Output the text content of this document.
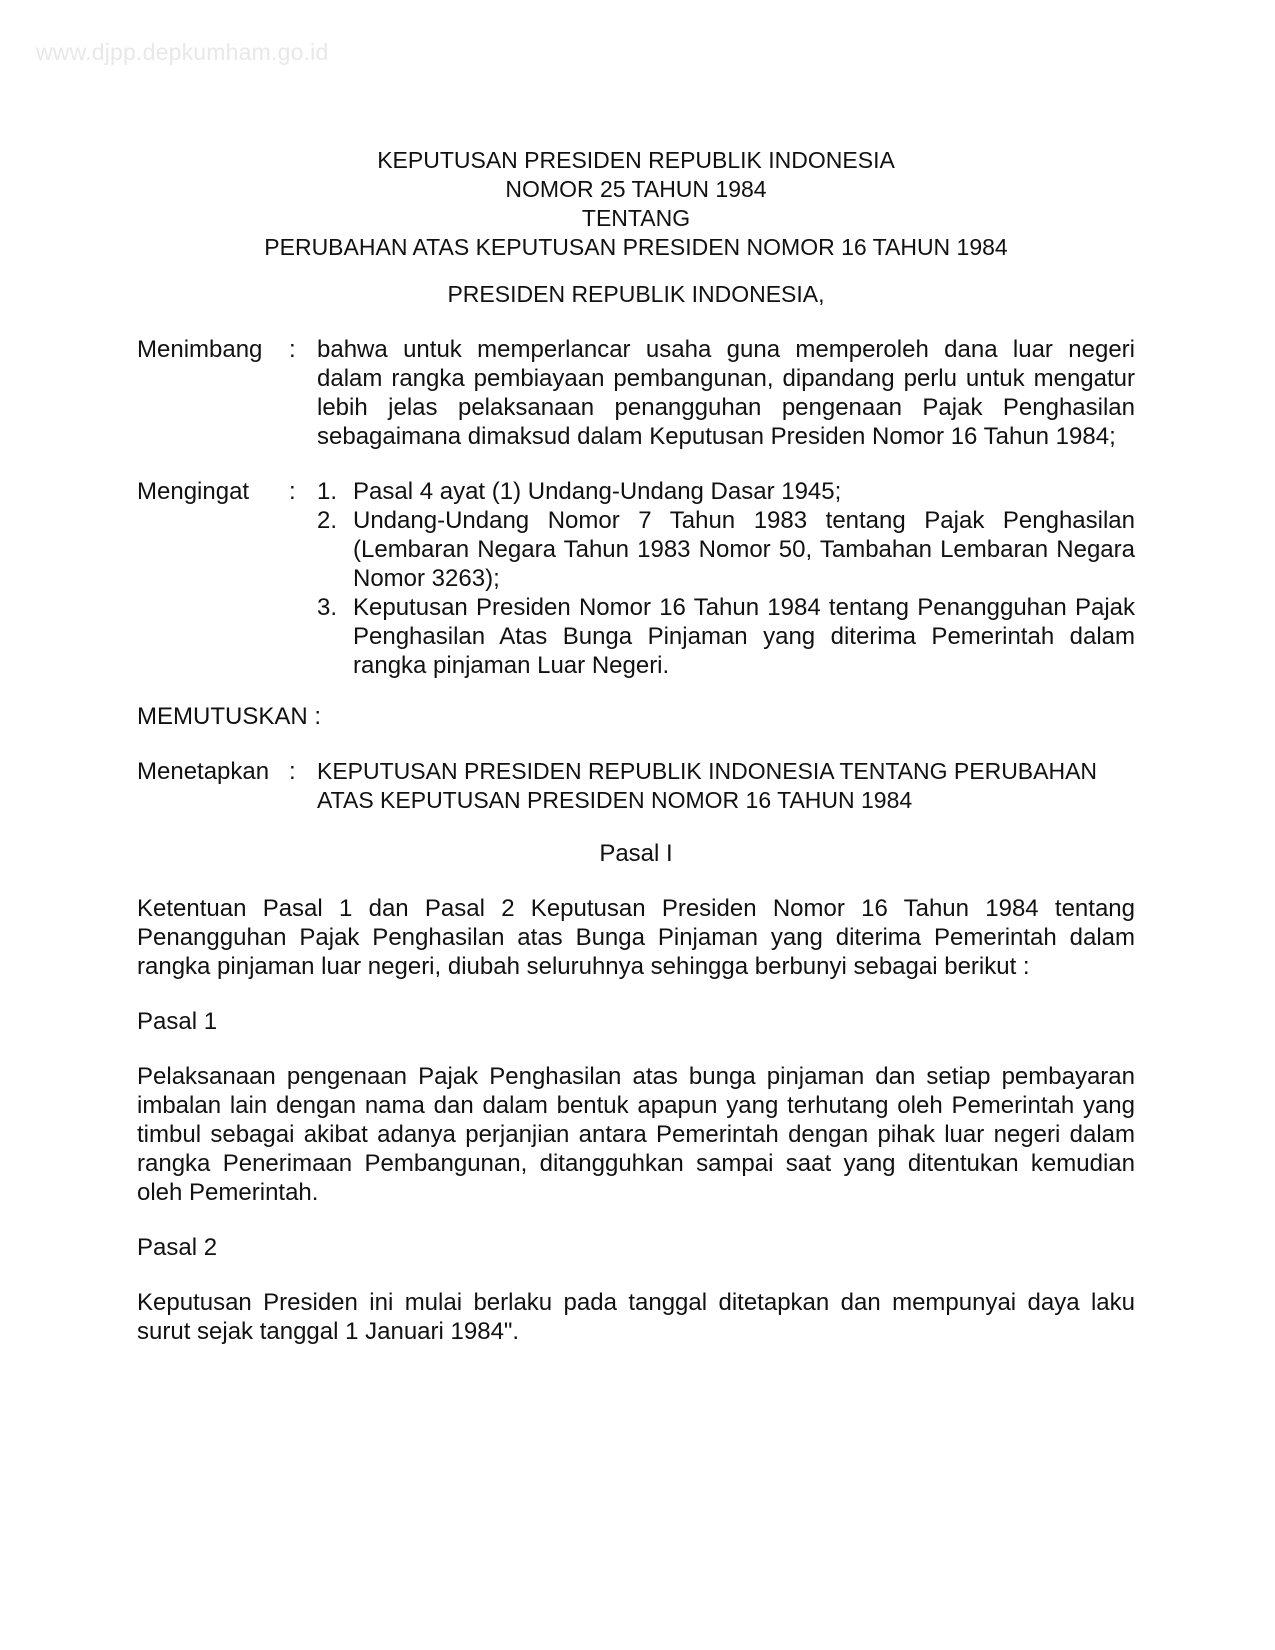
www.djpp.depkumham.go.id
KEPUTUSAN PRESIDEN REPUBLIK INDONESIA
NOMOR 25 TAHUN 1984
TENTANG
PERUBAHAN ATAS KEPUTUSAN PRESIDEN NOMOR 16 TAHUN 1984
PRESIDEN REPUBLIK INDONESIA,
Menimbang	: bahwa untuk memperlancar usaha guna memperoleh dana luar negeri dalam rangka pembiayaan pembangunan, dipandang perlu untuk mengatur lebih jelas pelaksanaan penangguhan pengenaan Pajak Penghasilan sebagaimana dimaksud dalam Keputusan Presiden Nomor 16 Tahun 1984;
Mengingat	: 1. Pasal 4 ayat (1) Undang-Undang Dasar 1945;
2. Undang-Undang Nomor 7 Tahun 1983 tentang Pajak Penghasilan (Lembaran Negara Tahun 1983 Nomor 50, Tambahan Lembaran Negara Nomor 3263);
3. Keputusan Presiden Nomor 16 Tahun 1984 tentang Penangguhan Pajak Penghasilan Atas Bunga Pinjaman yang diterima Pemerintah dalam rangka pinjaman Luar Negeri.
MEMUTUSKAN :
Menetapkan : KEPUTUSAN PRESIDEN REPUBLIK INDONESIA TENTANG PERUBAHAN ATAS KEPUTUSAN PRESIDEN NOMOR 16 TAHUN 1984
Pasal I
Ketentuan Pasal 1 dan Pasal 2 Keputusan Presiden Nomor 16 Tahun 1984 tentang Penangguhan Pajak Penghasilan atas Bunga Pinjaman yang diterima Pemerintah dalam rangka pinjaman luar negeri, diubah seluruhnya sehingga berbunyi sebagai berikut :
Pasal 1
Pelaksanaan pengenaan Pajak Penghasilan atas bunga pinjaman dan setiap pembayaran imbalan lain dengan nama dan dalam bentuk apapun yang terhutang oleh Pemerintah yang timbul sebagai akibat adanya perjanjian antara Pemerintah dengan pihak luar negeri dalam rangka Penerimaan Pembangunan, ditangguhkan sampai saat yang ditentukan kemudian oleh Pemerintah.
Pasal 2
Keputusan Presiden ini mulai berlaku pada tanggal ditetapkan dan mempunyai daya laku surut sejak tanggal 1 Januari 1984".
